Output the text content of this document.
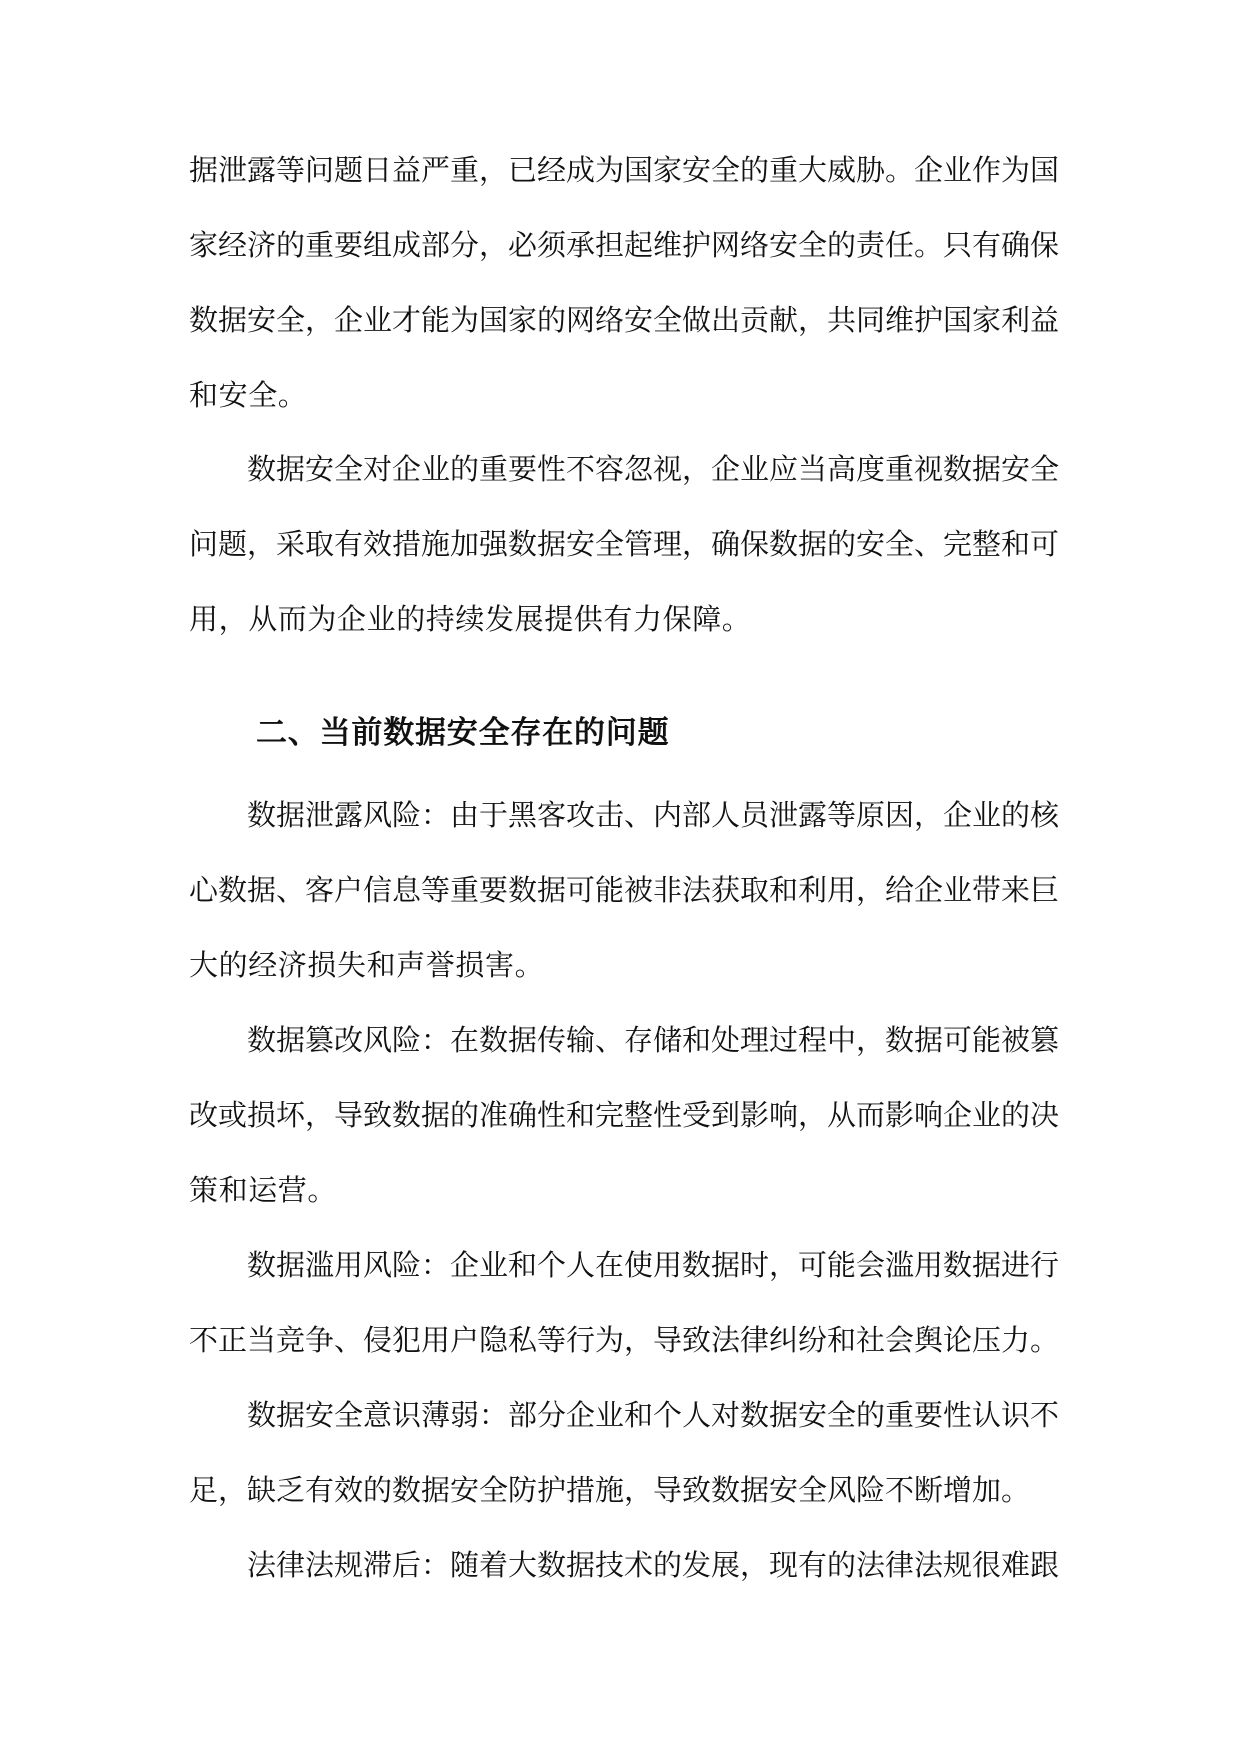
据泄露等问题日益严重，已经成为国家安全的重大威胁。企业作为国
家经济的重要组成部分，必须承担起维护网络安全的责任。只有确保
数据安全，企业才能为国家的网络安全做出贡献，共同维护国家利益
和安全。
数据安全对企业的重要性不容忽视，企业应当高度重视数据安全
问题，采取有效措施加强数据安全管理，确保数据的安全、完整和可
用，从而为企业的持续发展提供有力保障。
二、当前数据安全存在的问题
数据泄露风险：由于黑客攻击、内部人员泄露等原因，企业的核
心数据、客户信息等重要数据可能被非法获取和利用，给企业带来巨
大的经济损失和声誉损害。
数据篡改风险：在数据传输、存储和处理过程中，数据可能被篡
改或损坏，导致数据的准确性和完整性受到影响，从而影响企业的决
策和运营。
数据滥用风险：企业和个人在使用数据时，可能会滥用数据进行
不正当竞争、侵犯用户隐私等行为，导致法律纠纷和社会舆论压力。
数据安全意识薄弱：部分企业和个人对数据安全的重要性认识不
足，缺乏有效的数据安全防护措施，导致数据安全风险不断增加。
法律法规滞后：随着大数据技术的发展，现有的法律法规很难跟
